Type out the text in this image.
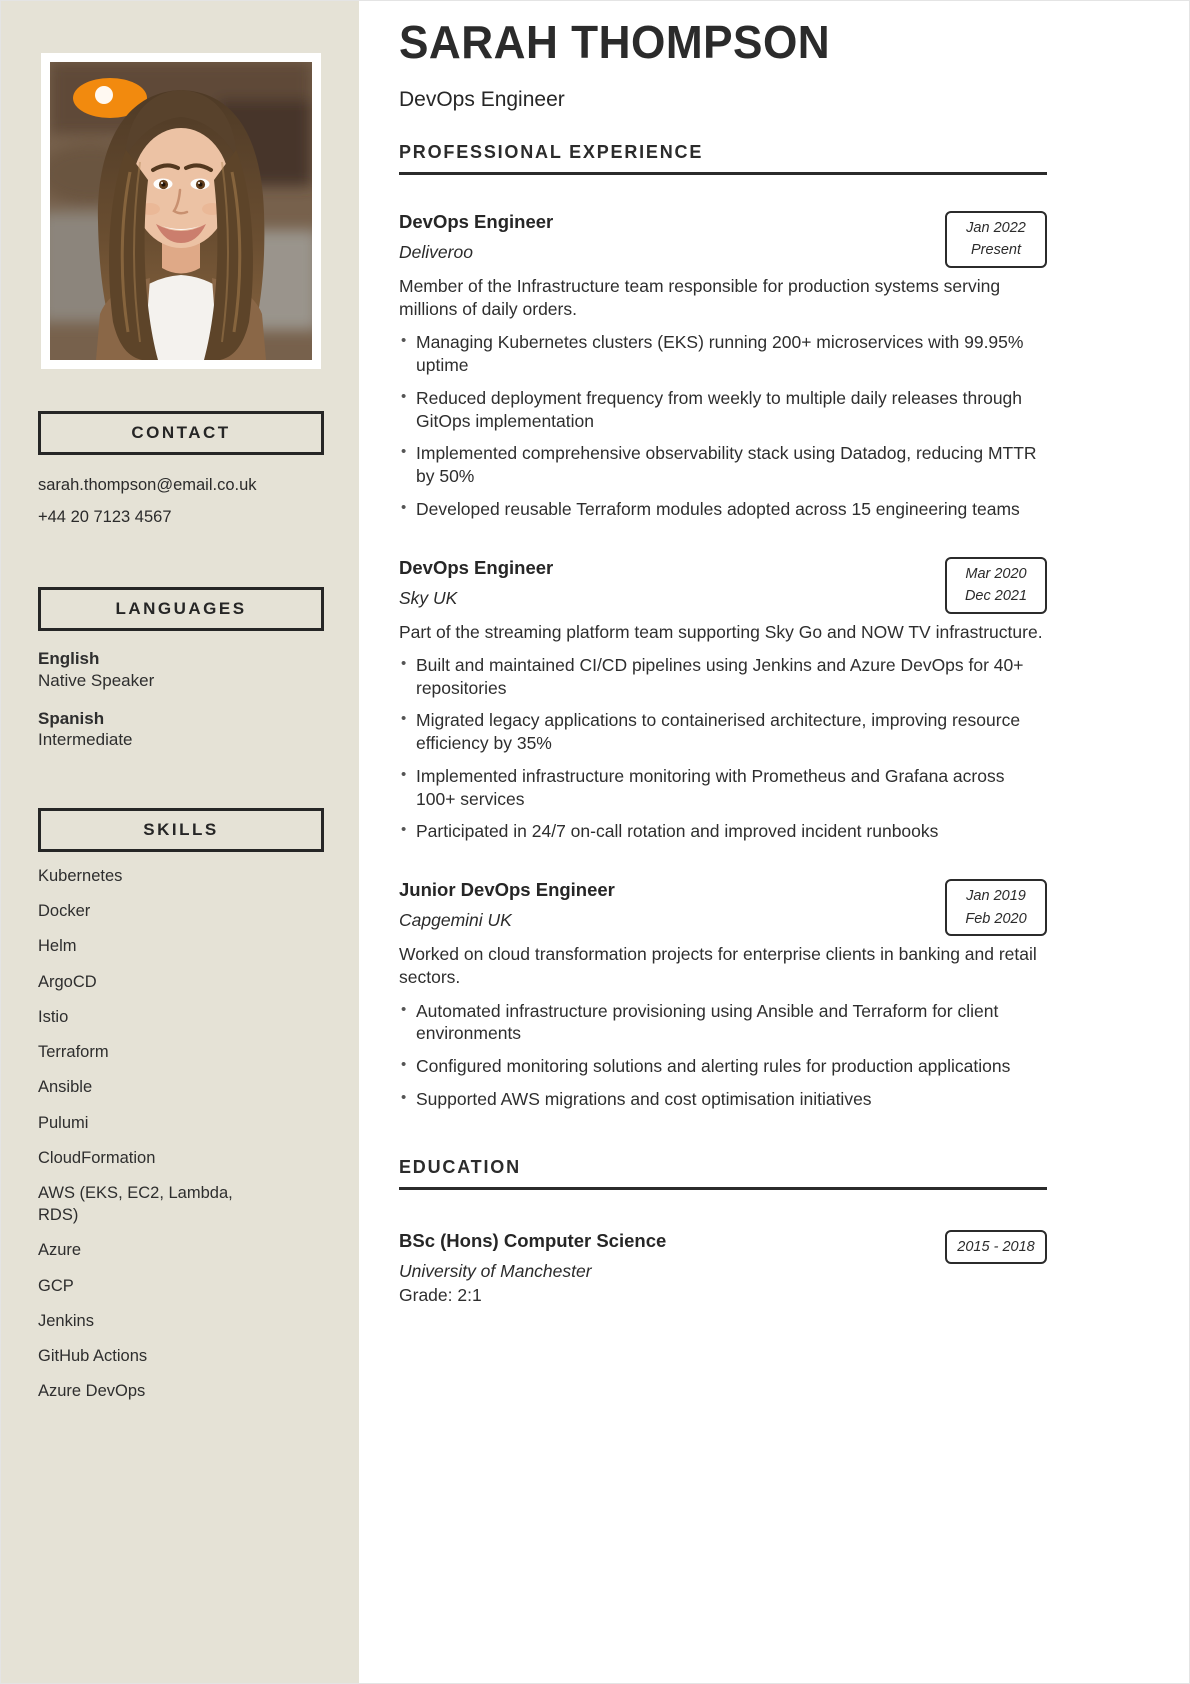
CONTACT
sarah.thompson@email.co.uk
+44 20 7123 4567
LANGUAGES
English
Native Speaker
Spanish
Intermediate
SKILLS
Kubernetes
Docker
Helm
ArgoCD
Istio
Terraform
Ansible
Pulumi
CloudFormation
AWS (EKS, EC2, Lambda, RDS)
Azure
GCP
Jenkins
GitHub Actions
Azure DevOps
SARAH THOMPSON
DevOps Engineer
PROFESSIONAL EXPERIENCE
DevOps Engineer
Deliveroo
Jan 2022
Present

Member of the Infrastructure team responsible for production systems serving millions of daily orders.

• Managing Kubernetes clusters (EKS) running 200+ microservices with 99.95% uptime
• Reduced deployment frequency from weekly to multiple daily releases through GitOps implementation
• Implemented comprehensive observability stack using Datadog, reducing MTTR by 50%
• Developed reusable Terraform modules adopted across 15 engineering teams
DevOps Engineer
Sky UK
Mar 2020
Dec 2021

Part of the streaming platform team supporting Sky Go and NOW TV infrastructure.

• Built and maintained CI/CD pipelines using Jenkins and Azure DevOps for 40+ repositories
• Migrated legacy applications to containerised architecture, improving resource efficiency by 35%
• Implemented infrastructure monitoring with Prometheus and Grafana across 100+ services
• Participated in 24/7 on-call rotation and improved incident runbooks
Junior DevOps Engineer
Capgemini UK
Jan 2019
Feb 2020

Worked on cloud transformation projects for enterprise clients in banking and retail sectors.

• Automated infrastructure provisioning using Ansible and Terraform for client environments
• Configured monitoring solutions and alerting rules for production applications
• Supported AWS migrations and cost optimisation initiatives
EDUCATION
BSc (Hons) Computer Science
University of Manchester
Grade: 2:1
2015 - 2018
